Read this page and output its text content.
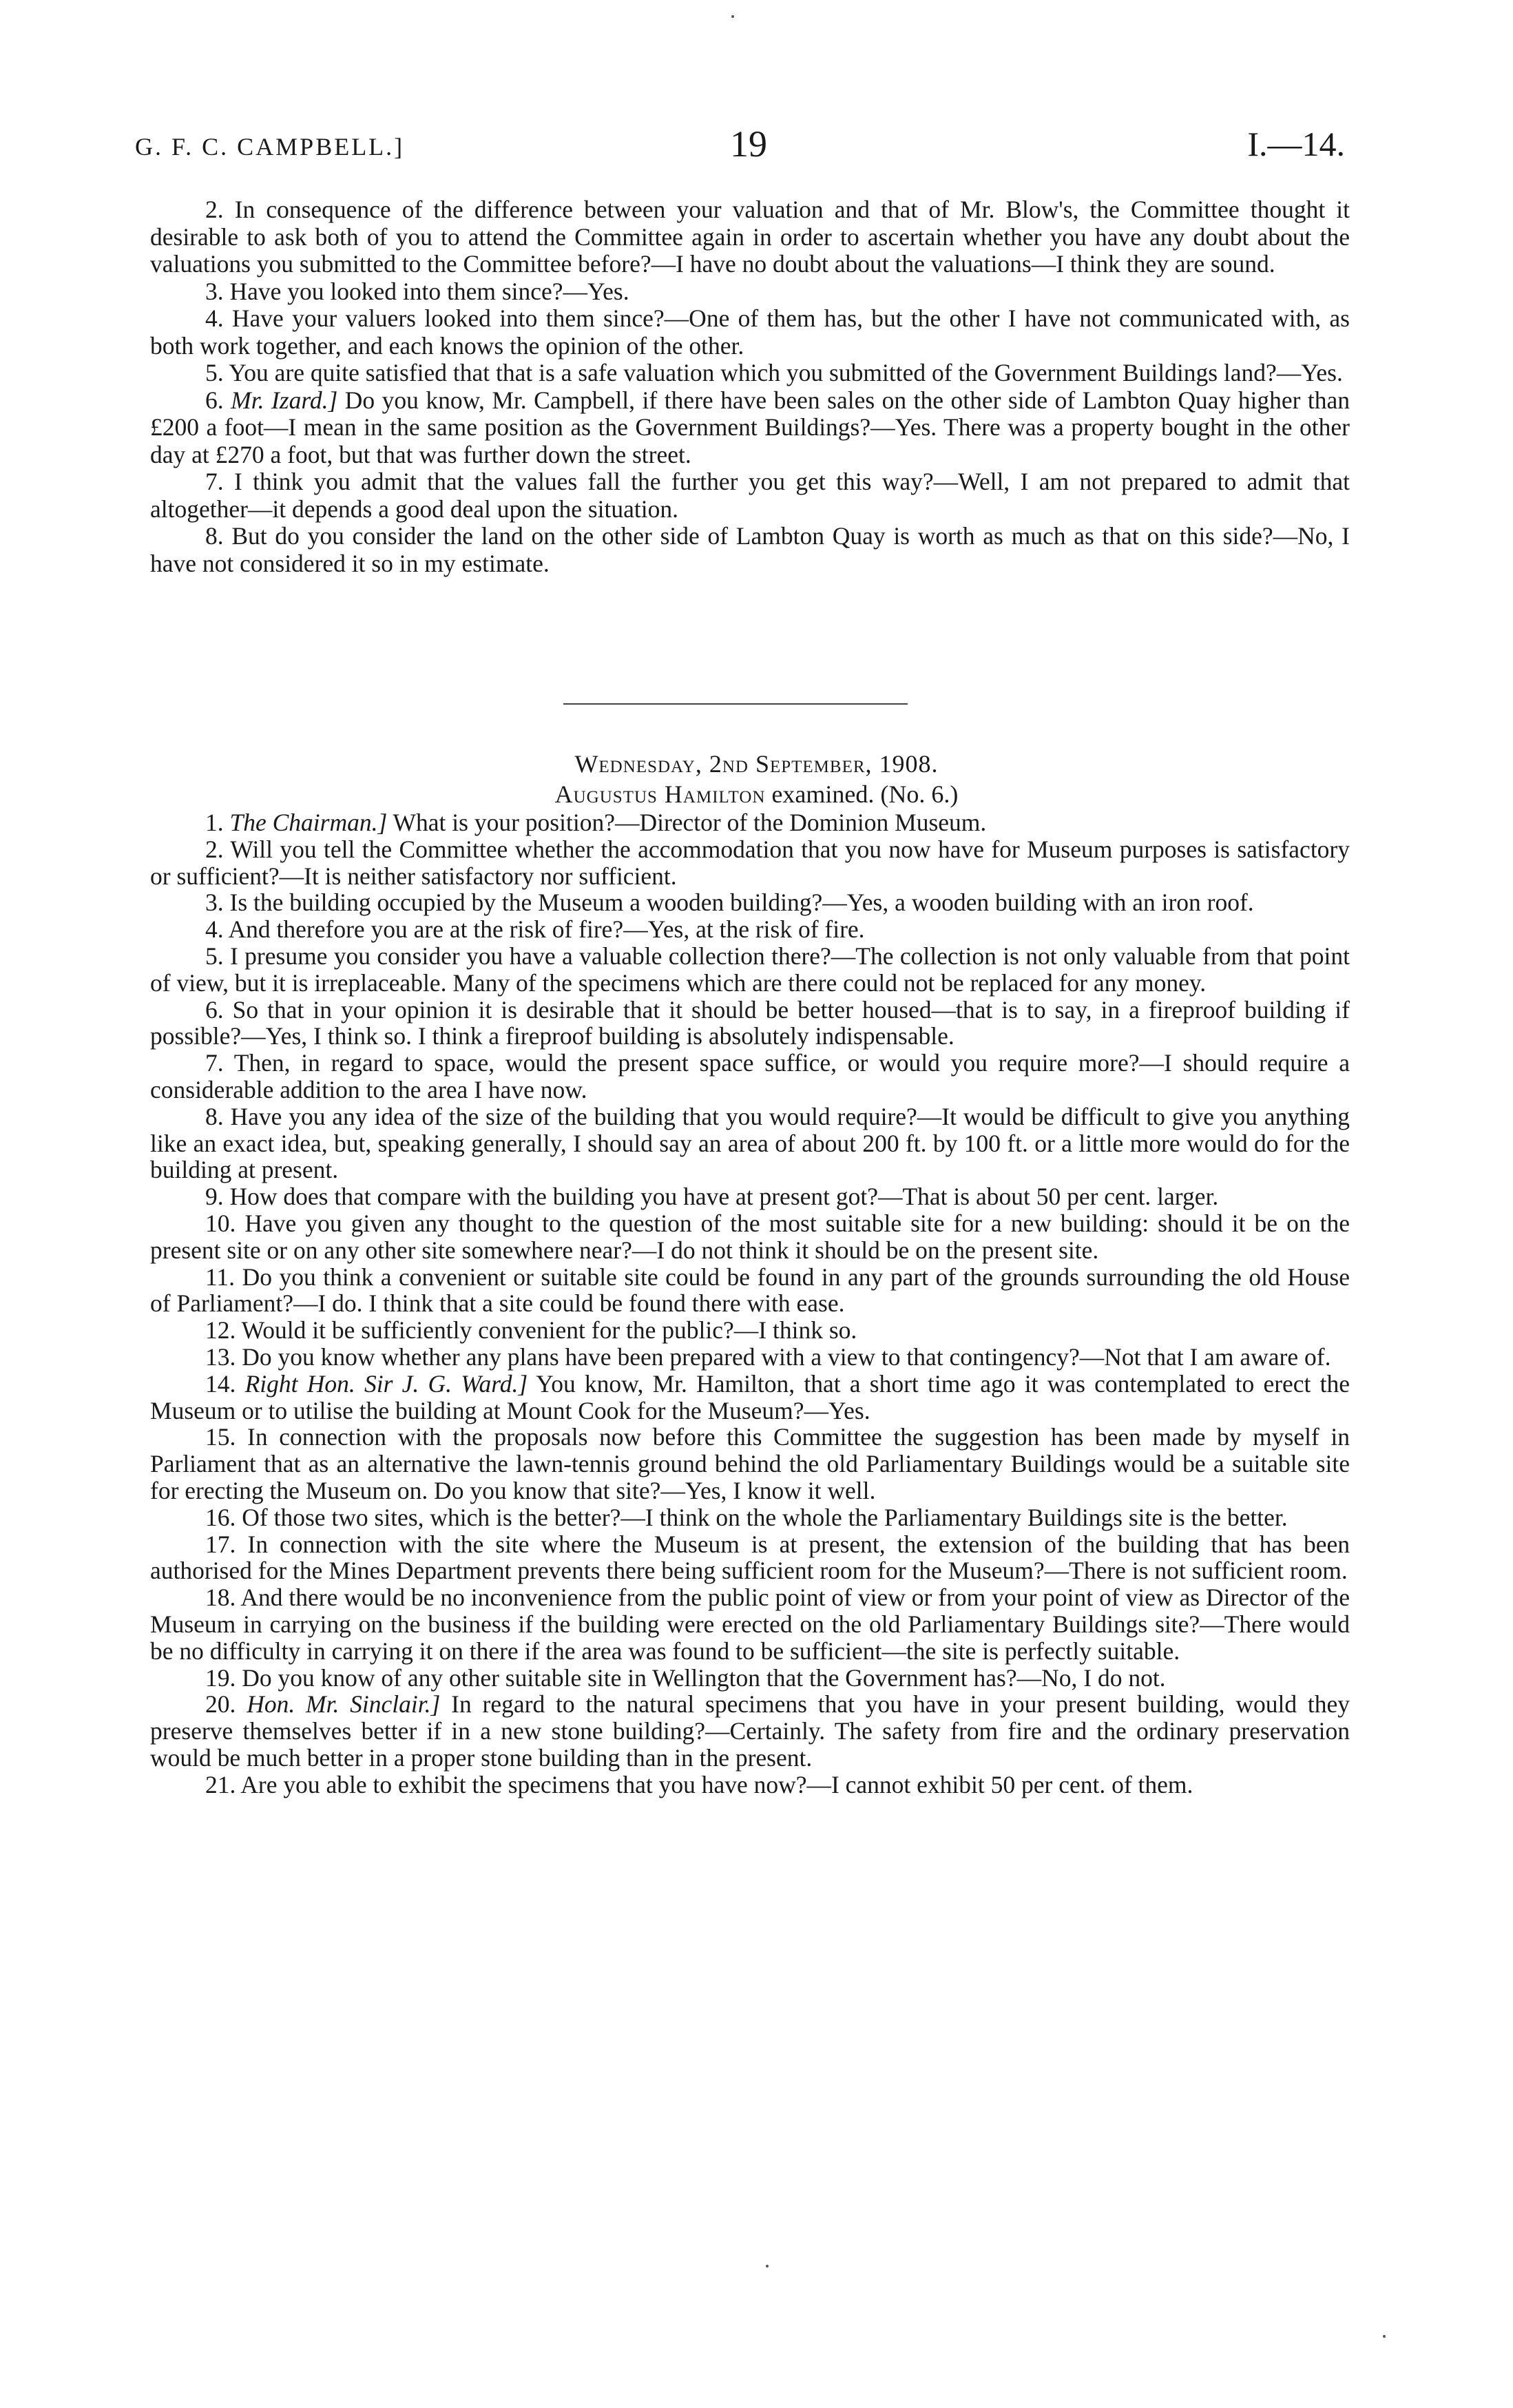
G. F. C. CAMPBELL.]	19	I.—14.

2. In consequence of the difference between your valuation and that of Mr. Blow's, the Committee thought it desirable to ask both of you to attend the Committee again in order to ascertain whether you have any doubt about the valuations you submitted to the Committee before?—I have no doubt about the valuations—I think they are sound.

3. Have you looked into them since?—Yes.

4. Have your valuers looked into them since?—One of them has, but the other I have not communicated with, as both work together, and each knows the opinion of the other.

5. You are quite satisfied that that is a safe valuation which you submitted of the Government Buildings land?—Yes.

6. Mr. Izard.] Do you know, Mr. Campbell, if there have been sales on the other side of Lambton Quay higher than £200 a foot—I mean in the same position as the Government Buildings?—Yes. There was a property bought in the other day at £270 a foot, but that was further down the street.

7. I think you admit that the values fall the further you get this way?—Well, I am not prepared to admit that altogether—it depends a good deal upon the situation.

8. But do you consider the land on the other side of Lambton Quay is worth as much as that on this side?—No, I have not considered it so in my estimate.

Wednesday, 2nd September, 1908.
Augustus Hamilton examined. (No. 6.)

1. The Chairman.] What is your position?—Director of the Dominion Museum.

2. Will you tell the Committee whether the accommodation that you now have for Museum purposes is satisfactory or sufficient?—It is neither satisfactory nor sufficient.

3. Is the building occupied by the Museum a wooden building?—Yes, a wooden building with an iron roof.

4. And therefore you are at the risk of fire?—Yes, at the risk of fire.

5. I presume you consider you have a valuable collection there?—The collection is not only valuable from that point of view, but it is irreplaceable. Many of the specimens which are there could not be replaced for any money.

6. So that in your opinion it is desirable that it should be better housed—that is to say, in a fireproof building if possible?—Yes, I think so. I think a fireproof building is absolutely indispensable.

7. Then, in regard to space, would the present space suffice, or would you require more?—I should require a considerable addition to the area I have now.

8. Have you any idea of the size of the building that you would require?—It would be difficult to give you anything like an exact idea, but, speaking generally, I should say an area of about 200 ft. by 100 ft. or a little more would do for the building at present.

9. How does that compare with the building you have at present got?—That is about 50 per cent. larger.

10. Have you given any thought to the question of the most suitable site for a new building: should it be on the present site or on any other site somewhere near?—I do not think it should be on the present site.

11. Do you think a convenient or suitable site could be found in any part of the grounds surrounding the old House of Parliament?—I do. I think that a site could be found there with ease.

12. Would it be sufficiently convenient for the public?—I think so.

13. Do you know whether any plans have been prepared with a view to that contingency?—Not that I am aware of.

14. Right Hon. Sir J. G. Ward.] You know, Mr. Hamilton, that a short time ago it was contemplated to erect the Museum or to utilise the building at Mount Cook for the Museum?—Yes.

15. In connection with the proposals now before this Committee the suggestion has been made by myself in Parliament that as an alternative the lawn-tennis ground behind the old Parliamentary Buildings would be a suitable site for erecting the Museum on. Do you know that site?—Yes, I know it well.

16. Of those two sites, which is the better?—I think on the whole the Parliamentary Buildings site is the better.

17. In connection with the site where the Museum is at present, the extension of the building that has been authorised for the Mines Department prevents there being sufficient room for the Museum?—There is not sufficient room.

18. And there would be no inconvenience from the public point of view or from your point of view as Director of the Museum in carrying on the business if the building were erected on the old Parliamentary Buildings site?—There would be no difficulty in carrying it on there if the area was found to be sufficient—the site is perfectly suitable.

19. Do you know of any other suitable site in Wellington that the Government has?—No, I do not.

20. Hon. Mr. Sinclair.] In regard to the natural specimens that you have in your present building, would they preserve themselves better if in a new stone building?—Certainly. The safety from fire and the ordinary preservation would be much better in a proper stone building than in the present.

21. Are you able to exhibit the specimens that you have now?—I cannot exhibit 50 per cent. of them.
